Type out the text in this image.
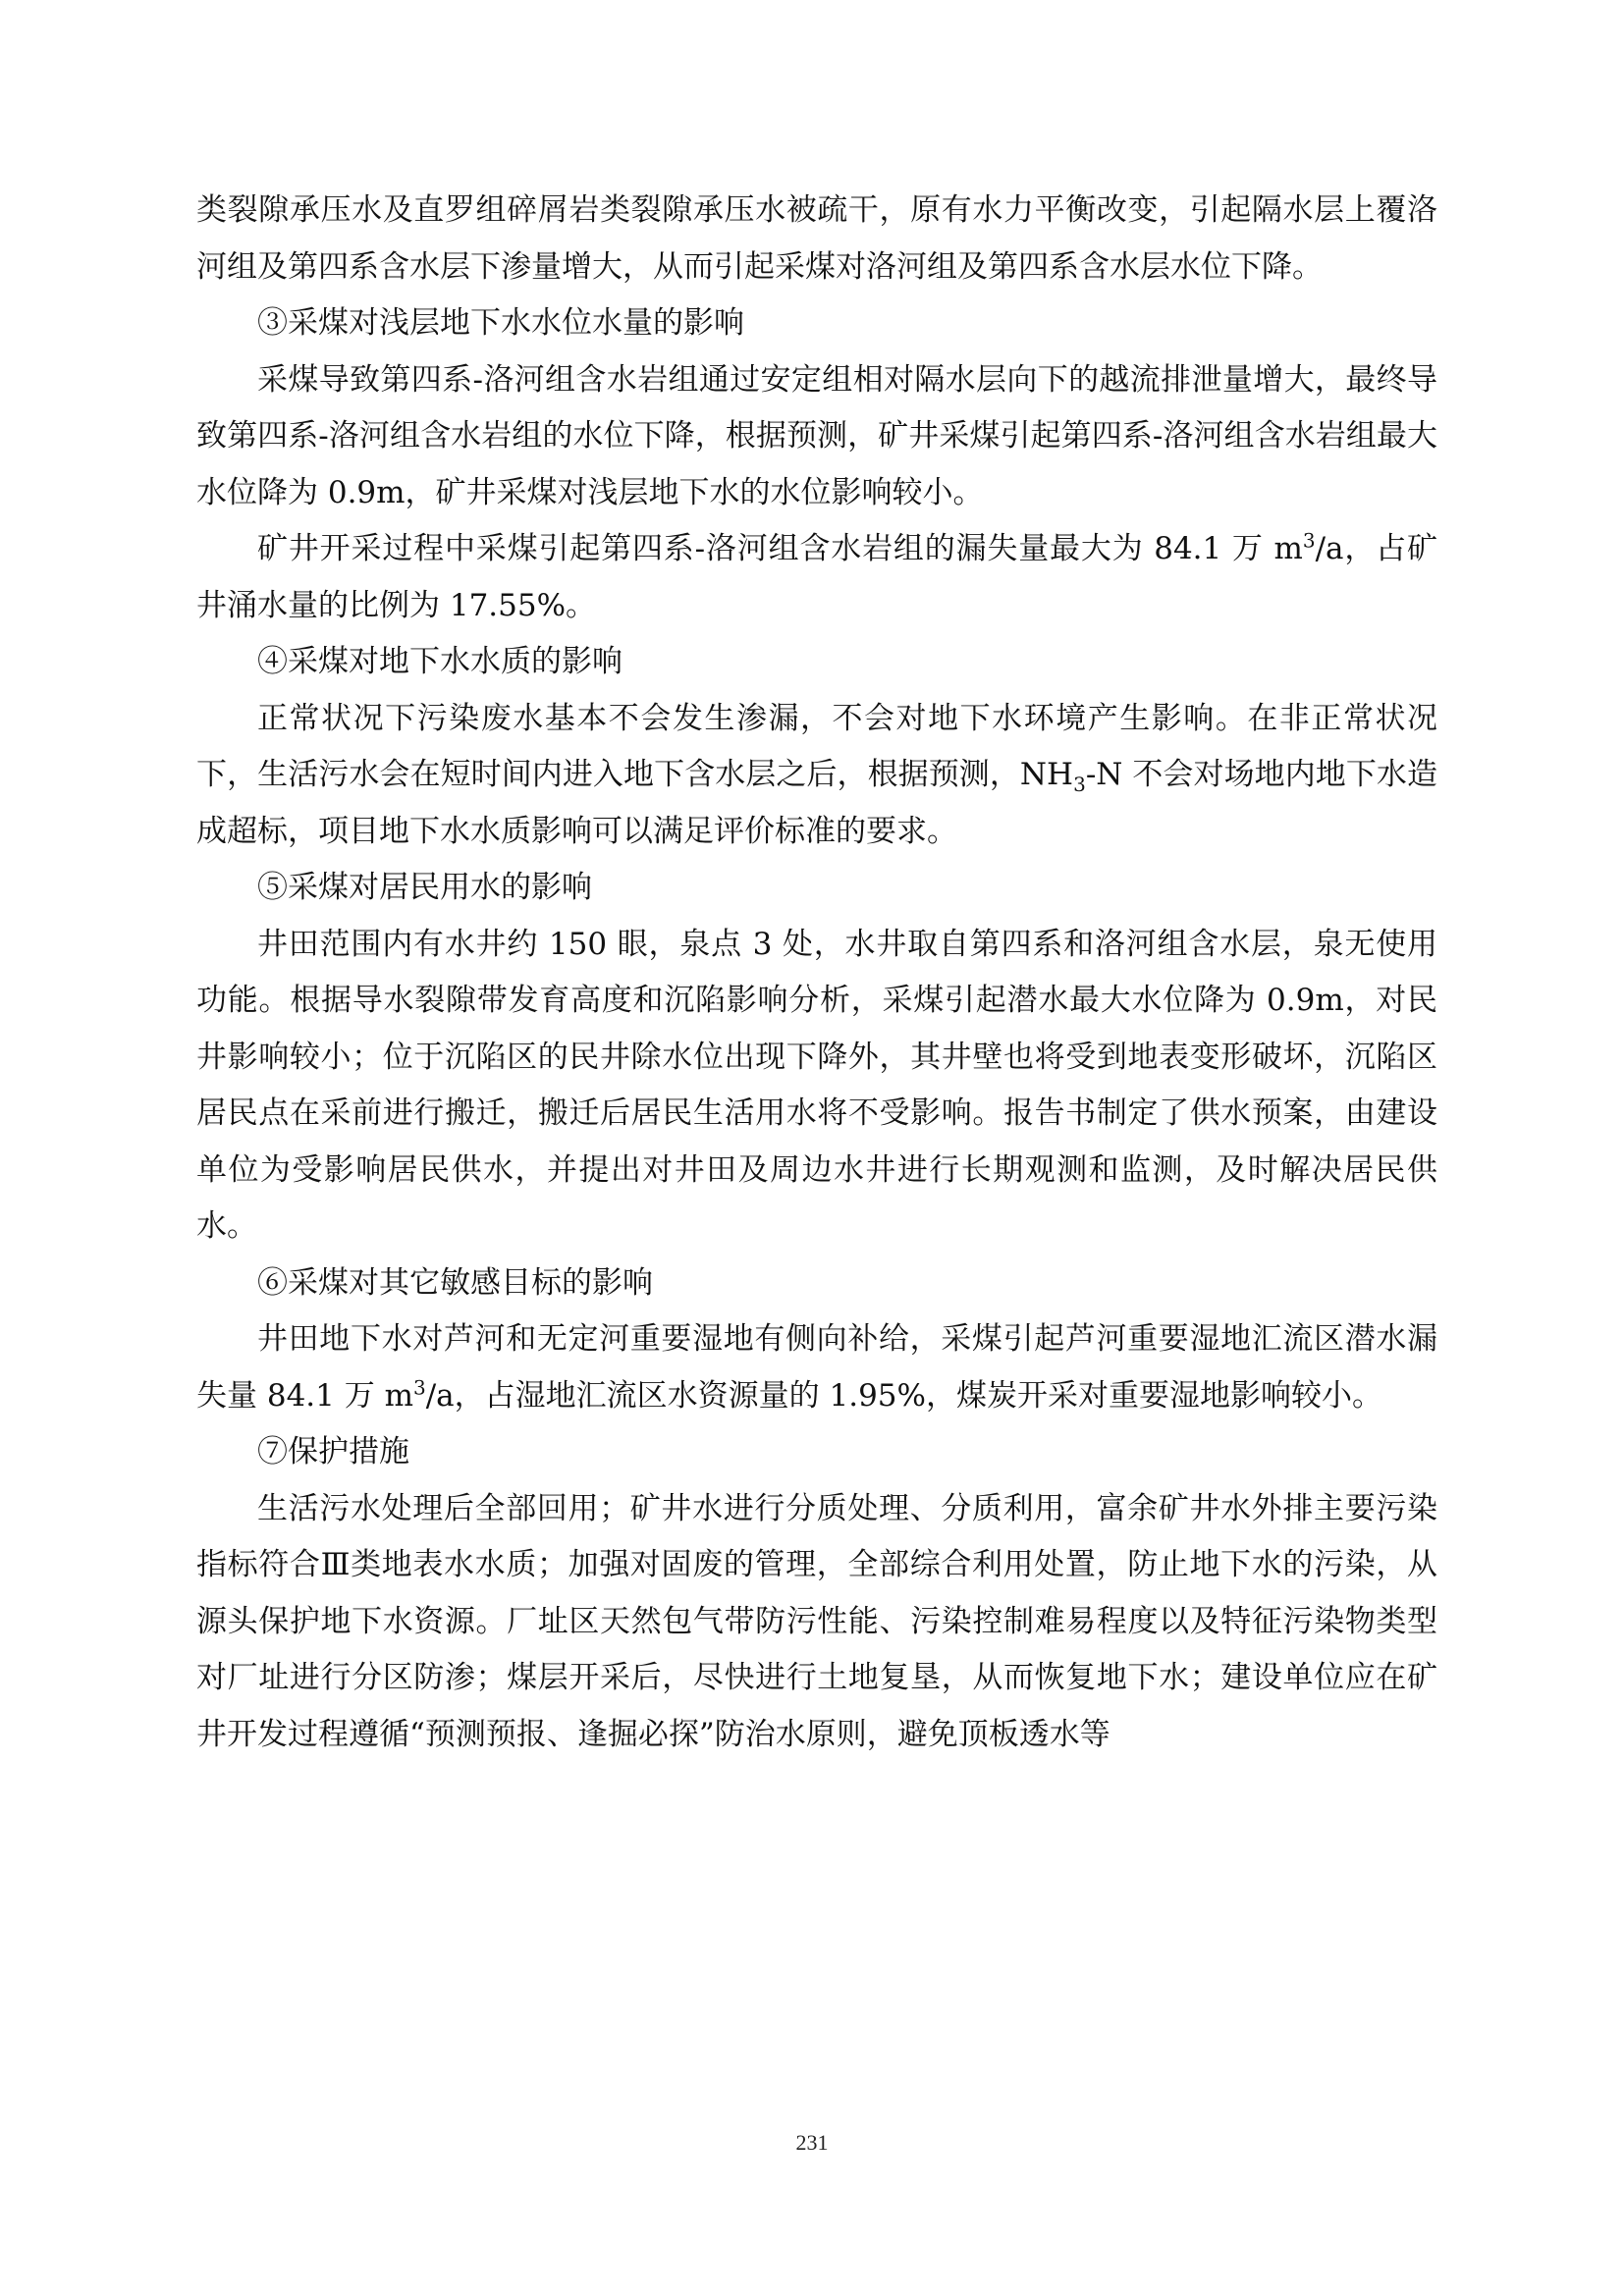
类裂隙承压水及直罗组碎屑岩类裂隙承压水被疏干，原有水力平衡改变，引起隔水层上覆洛河组及第四系含水层下渗量增大，从而引起采煤对洛河组及第四系含水层水位下降。

③采煤对浅层地下水水位水量的影响

采煤导致第四系-洛河组含水岩组通过安定组相对隔水层向下的越流排泄量增大，最终导致第四系-洛河组含水岩组的水位下降，根据预测，矿井采煤引起第四系-洛河组含水岩组最大水位降为 0.9m，矿井采煤对浅层地下水的水位影响较小。

矿井开采过程中采煤引起第四系-洛河组含水岩组的漏失量最大为 84.1 万 $m^3/a$，占矿井涌水量的比例为 17.55%。

④采煤对地下水水质的影响

正常状况下污染废水基本不会发生渗漏，不会对地下水环境产生影响。在非正常状况下，生活污水会在短时间内进入地下含水层之后，根据预测，$NH_3-N$ 不会对场地内地下水造成超标，项目地下水水质影响可以满足评价标准的要求。

⑤采煤对居民用水的影响

井田范围内有水井约 150 眼，泉点 3 处，水井取自第四系和洛河组含水层，泉无使用功能。根据导水裂隙带发育高度和沉陷影响分析，采煤引起潜水最大水位降为 0.9m，对民井影响较小；位于沉陷区的民井除水位出现下降外，其井壁也将受到地表变形破坏，沉陷区居民点在采前进行搬迁，搬迁后居民生活用水将不受影响。报告书制定了供水预案，由建设单位为受影响居民供水，并提出对井田及周边水井进行长期观测和监测，及时解决居民供水。

⑥采煤对其它敏感目标的影响

井田地下水对芦河和无定河重要湿地有侧向补给，采煤引起芦河重要湿地汇流区潜水漏失量 84.1 万 $m^3/a$，占湿地汇流区水资源量的 1.95%，煤炭开采对重要湿地影响较小。

⑦保护措施

生活污水处理后全部回用；矿井水进行分质处理、分质利用，富余矿井水外排主要污染指标符合Ⅲ类地表水水质；加强对固废的管理，全部综合利用处置，防止地下水的污染，从源头保护地下水资源。厂址区天然包气带防污性能、污染控制难易程度以及特征污染物类型对厂址进行分区防渗；煤层开采后，尽快进行土地复垦，从而恢复地下水；建设单位应在矿井开发过程遵循“预测预报、逢掘必探”防治水原则，避免顶板透水等

231
